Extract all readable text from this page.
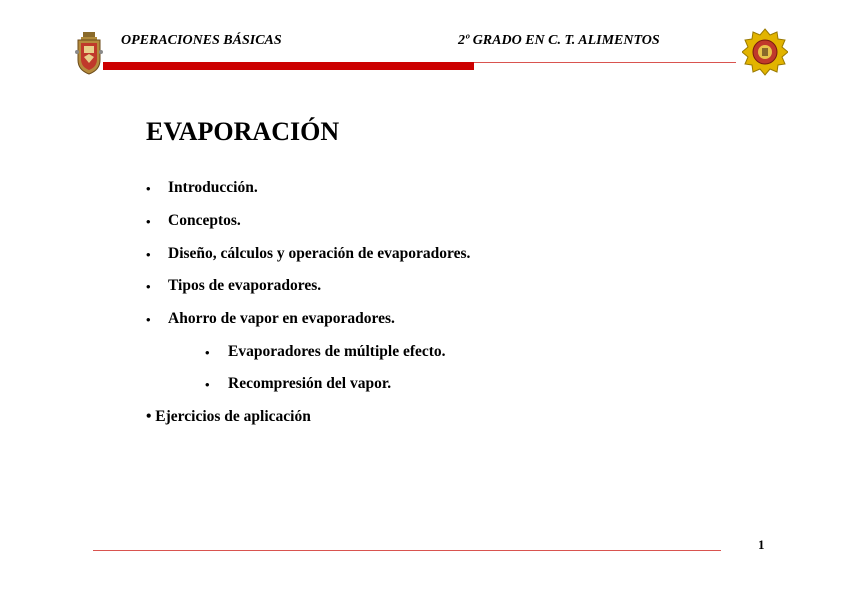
OPERACIONES BÁSICAS	2º GRADO EN C. T. ALIMENTOS
EVAPORACIÓN
• Introducción.
• Conceptos.
• Diseño, cálculos y operación de evaporadores.
• Tipos de evaporadores.
• Ahorro de vapor en evaporadores.
• Evaporadores de múltiple efecto.
• Recompresión del vapor.
• Ejercicios de aplicación
1
